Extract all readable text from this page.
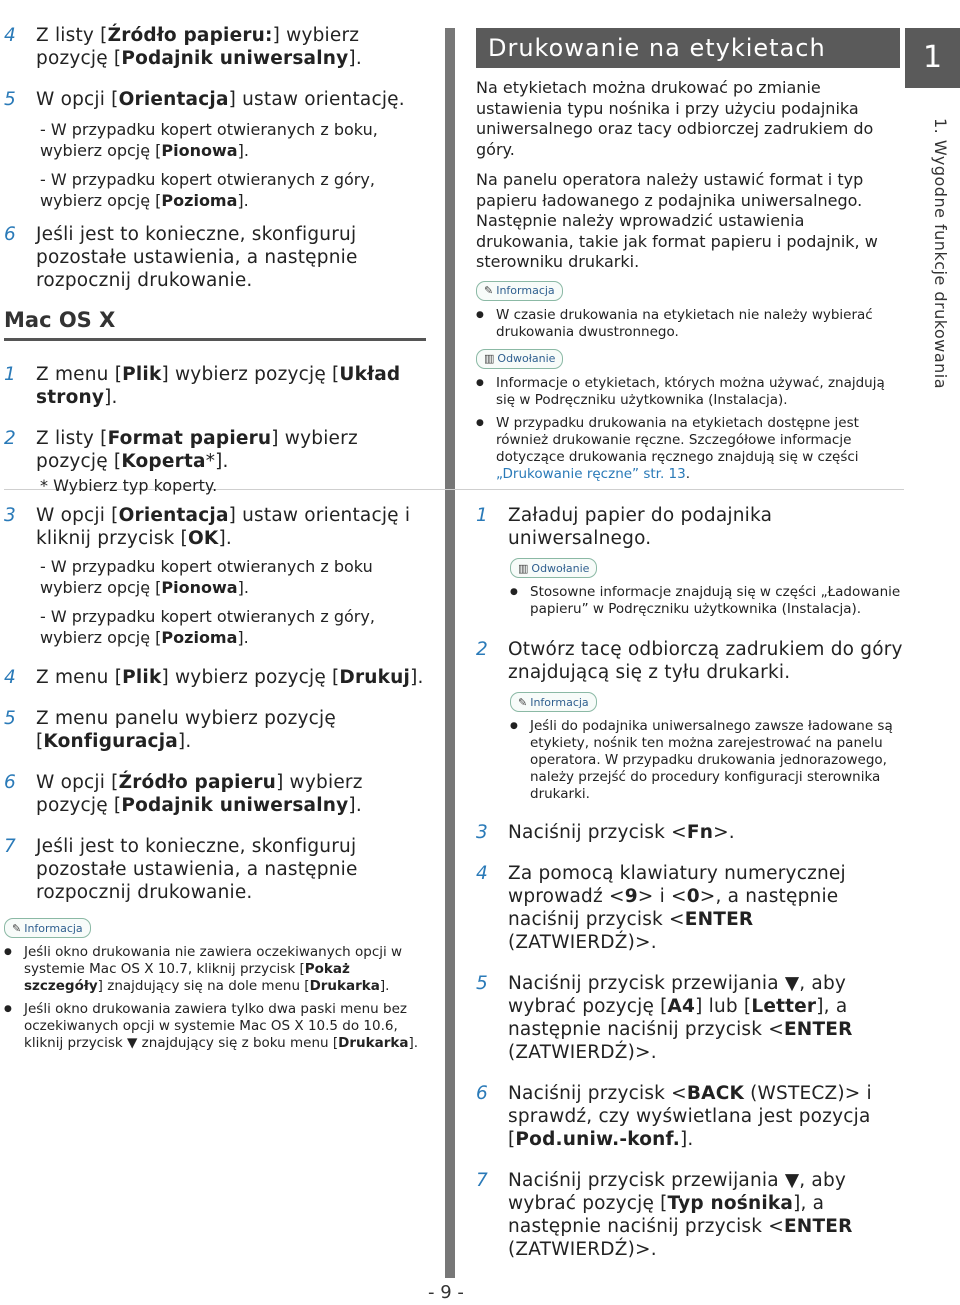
4	Z listy [Źródło papieru:] wybierz pozycję [Podajnik uniwersalny].
5	W opcji [Orientacja] ustaw orientację.
- W przypadku kopert otwieranych z boku, wybierz opcję [Pionowa].
- W przypadku kopert otwieranych z góry, wybierz opcję [Pozioma].
6	Jeśli jest to konieczne, skonfiguruj pozostałe ustawienia, a następnie rozpocznij drukowanie.
Mac OS X
1	Z menu [Plik] wybierz pozycję [Układ strony].
2	Z listy [Format papieru] wybierz pozycję [Koperta*].
* Wybierz typ koperty.
3	W opcji [Orientacja] ustaw orientację i kliknij przycisk [OK].
- W przypadku kopert otwieranych z boku wybierz opcję [Pionowa].
- W przypadku kopert otwieranych z góry, wybierz opcję [Pozioma].
4	Z menu [Plik] wybierz pozycję [Drukuj].
5	Z menu panelu wybierz pozycję [Konfiguracja].
6	W opcji [Źródło papieru] wybierz pozycję [Podajnik uniwersalny].
7	Jeśli jest to konieczne, skonfiguruj pozostałe ustawienia, a następnie rozpocznij drukowanie.
✎ Informacja
● Jeśli okno drukowania nie zawiera oczekiwanych opcji w systemie Mac OS X 10.7, kliknij przycisk [Pokaż szczegóły] znajdujący się na dole menu [Drukarka].
● Jeśli okno drukowania zawiera tylko dwa paski menu bez oczekiwanych opcji w systemie Mac OS X 10.5 do 10.6, kliknij przycisk ▼ znajdujący się z boku menu [Drukarka].
Drukowanie na etykietach
Na etykietach można drukować po zmianie ustawienia typu nośnika i przy użyciu podajnika uniwersalnego oraz tacy odbiorczej zadrukiem do góry.
Na panelu operatora należy ustawić format i typ papieru ładowanego z podajnika uniwersalnego. Następnie należy wprowadzić ustawienia drukowania, takie jak format papieru i podajnik, w sterowniku drukarki.
✎ Informacja
● W czasie drukowania na etykietach nie należy wybierać drukowania dwustronnego.
▥ Odwołanie
● Informacje o etykietach, których można używać, znajdują się w Podręczniku użytkownika (Instalacja).
● W przypadku drukowania na etykietach dostępne jest również drukowanie ręczne. Szczegółowe informacje dotyczące drukowania ręcznego znajdują się w części „Drukowanie ręczne” str. 13.
1	Załaduj papier do podajnika uniwersalnego.
▥ Odwołanie
● Stosowne informacje znajdują się w części „Ładowanie papieru” w Podręczniku użytkownika (Instalacja).
2	Otwórz tacę odbiorczą zadrukiem do góry znajdującą się z tyłu drukarki.
✎ Informacja
● Jeśli do podajnika uniwersalnego zawsze ładowane są etykiety, nośnik ten można zarejestrować na panelu operatora. W przypadku drukowania jednorazowego, należy przejść do procedury konfiguracji sterownika drukarki.
3	Naciśnij przycisk <Fn>.
4	Za pomocą klawiatury numerycznej wprowadź <9> i <0>, a następnie naciśnij przycisk <ENTER (ZATWIERDŹ)>.
5	Naciśnij przycisk przewijania ▼, aby wybrać pozycję [A4] lub [Letter], a następnie naciśnij przycisk <ENTER (ZATWIERDŹ)>.
6	Naciśnij przycisk <BACK (WSTECZ)> i sprawdź, czy wyświetlana jest pozycja [Pod.uniw.-konf.].
7	Naciśnij przycisk przewijania ▼, aby wybrać pozycję [Typ nośnika], a następnie naciśnij przycisk <ENTER (ZATWIERDŹ)>.
1
1. Wygodne funkcje drukowania
- 9 -
